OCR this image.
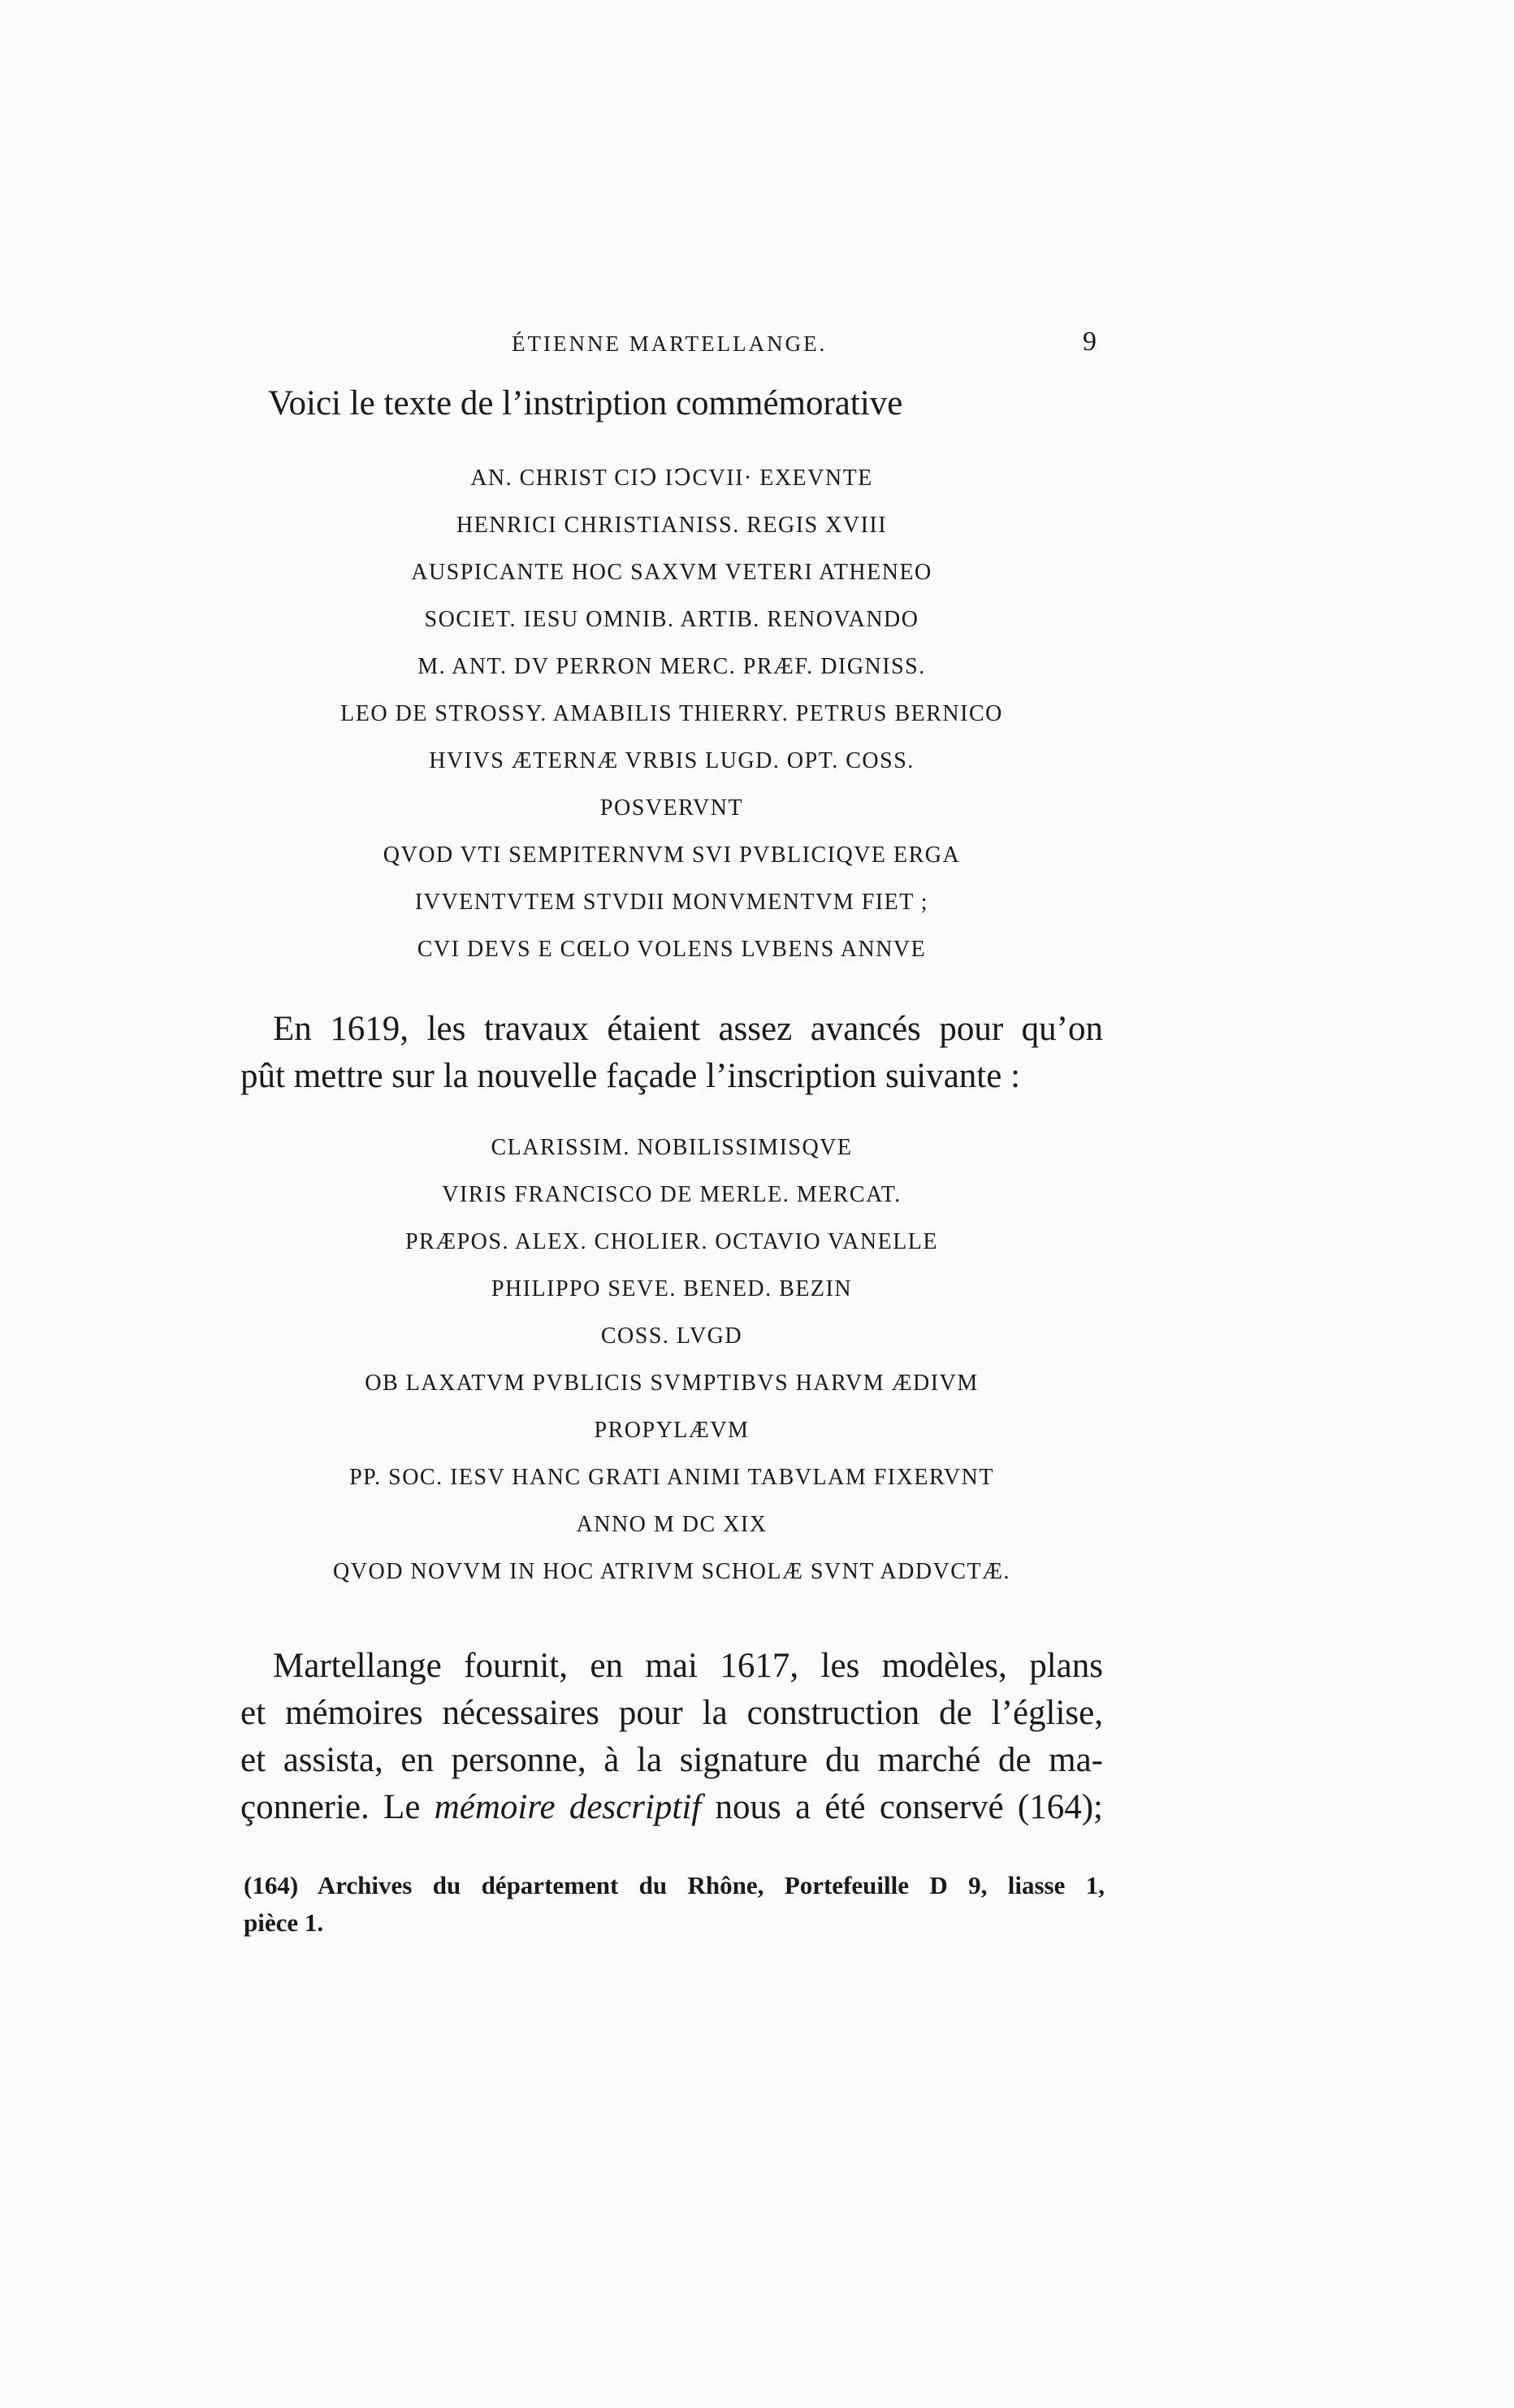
ÉTIENNE MARTELLANGE.	9
Voici le texte de l’instription commémorative
AN. CHRIST CIↃ IↃCVII· EXEVNTE
HENRICI CHRISTIANISS. REGIS XVIII
AUSPICANTE HOC SAXVM VETERI ATHENEO
SOCIET. IESU OMNIB. ARTIB. RENOVANDO
M. ANT. DV PERRON MERC. PRÆF. DIGNISS.
LEO DE STROSSY. AMABILIS THIERRY. PETRUS BERNICO
HVIVS ÆTERNÆ VRBIS LUGD. OPT. COSS.
POSVERVNT
QVOD VTI SEMPITERNVM SVI PVBLICIQVE ERGA
IVVENTVTEM STVDII MONVMENTVM FIET ;
CVI DEVS E CŒLO VOLENS LVBENS ANNVE
En 1619, les travaux étaient assez avancés pour qu’on
pût mettre sur la nouvelle façade l’inscription suivante :
CLARISSIM. NOBILISSIMISQVE
VIRIS FRANCISCO DE MERLE. MERCAT.
PRÆPOS. ALEX. CHOLIER. OCTAVIO VANELLE
PHILIPPO SEVE. BENED. BEZIN
COSS. LVGD
OB LAXATVM PVBLICIS SVMPTIBVS HARVM ÆDIVM
PROPYLÆVM
PP. SOC. IESV HANC GRATI ANIMI TABVLAM FIXERVNT
ANNO M DC XIX
QVOD NOVVM IN HOC ATRIVM SCHOLÆ SVNT ADDVCTÆ.
Martellange fournit, en mai 1617, les modèles, plans
et mémoires nécessaires pour la construction de l’église,
et assista, en personne, à la signature du marché de ma-
çonnerie. Le mémoire descriptif nous a été conservé (164);
(164) Archives du département du Rhône, Portefeuille D 9, liasse 1,
pièce 1.
